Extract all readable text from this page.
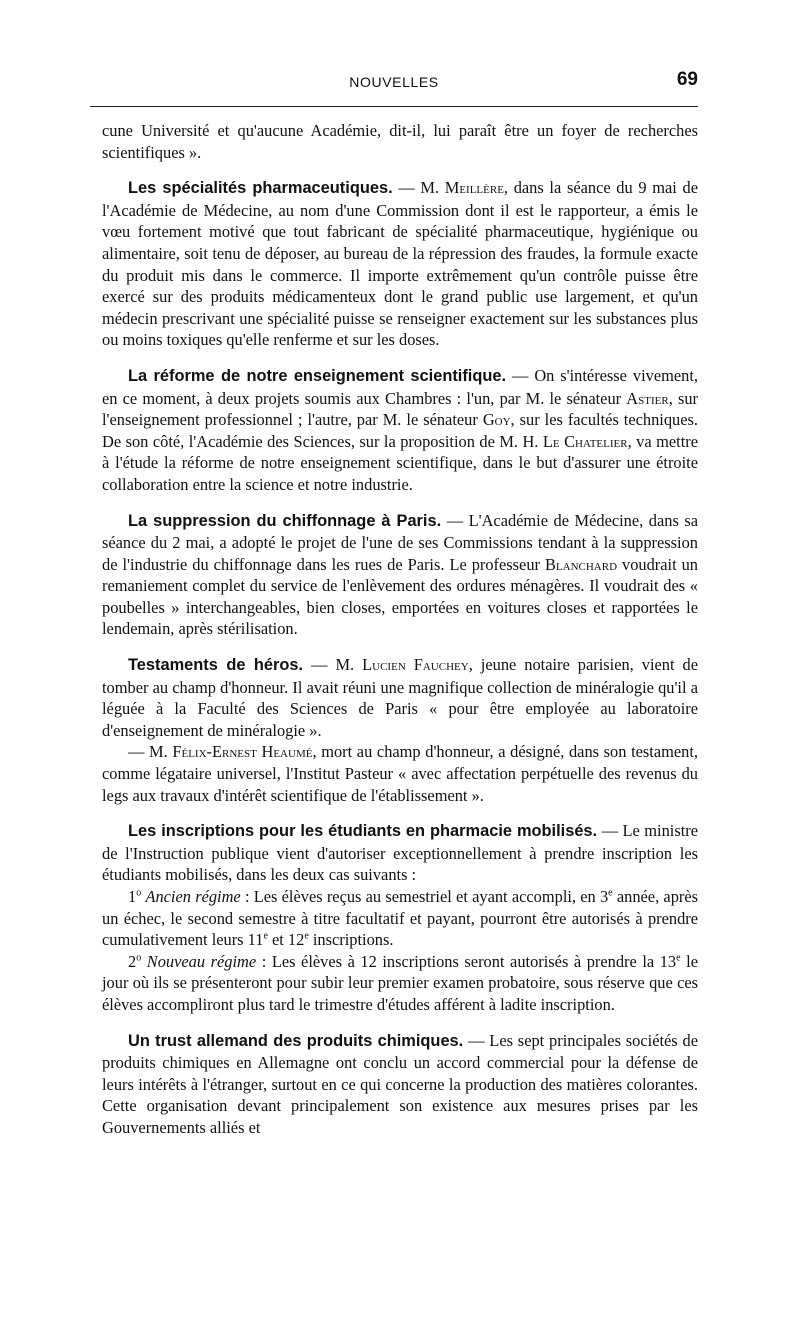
NOUVELLES	69

cune Université et qu'aucune Académie, dit-il, lui paraît être un foyer de recherches scientifiques ».

Les spécialités pharmaceutiques. — M. Meillère, dans la séance du 9 mai de l'Académie de Médecine, au nom d'une Commission dont il est le rapporteur, a émis le vœu fortement motivé que tout fabricant de spécialité pharmaceutique, hygiénique ou alimentaire, soit tenu de déposer, au bureau de la répression des fraudes, la formule exacte du produit mis dans le commerce. Il importe extrêmement qu'un contrôle puisse être exercé sur des produits médicamenteux dont le grand public use largement, et qu'un médecin prescrivant une spécialité puisse se renseigner exactement sur les substances plus ou moins toxiques qu'elle renferme et sur les doses.

La réforme de notre enseignement scientifique. — On s'intéresse vivement, en ce moment, à deux projets soumis aux Chambres : l'un, par M. le sénateur Astier, sur l'enseignement professionnel ; l'autre, par M. le sénateur Goy, sur les facultés techniques. De son côté, l'Académie des Sciences, sur la proposition de M. H. Le Chatelier, va mettre à l'étude la réforme de notre enseignement scientifique, dans le but d'assurer une étroite collaboration entre la science et notre industrie.

La suppression du chiffonnage à Paris. — L'Académie de Médecine, dans sa séance du 2 mai, a adopté le projet de l'une de ses Commissions tendant à la suppression de l'industrie du chiffonnage dans les rues de Paris. Le professeur Blanchard voudrait un remaniement complet du service de l'enlèvement des ordures ménagères. Il voudrait des « poubelles » interchangeables, bien closes, emportées en voitures closes et rapportées le lendemain, après stérilisation.

Testaments de héros. — M. Lucien Fauchey, jeune notaire parisien, vient de tomber au champ d'honneur. Il avait réuni une magnifique collection de minéralogie qu'il a léguée à la Faculté des Sciences de Paris « pour être employée au laboratoire d'enseignement de minéralogie ».

— M. Félix-Ernest Heaumé, mort au champ d'honneur, a désigné, dans son testament, comme légataire universel, l'Institut Pasteur « avec affectation perpétuelle des revenus du legs aux travaux d'intérêt scientifique de l'établissement ».

Les inscriptions pour les étudiants en pharmacie mobilisés. — Le ministre de l'Instruction publique vient d'autoriser exceptionnellement à prendre inscription les étudiants mobilisés, dans les deux cas suivants :

1$^o$ Ancien régime : Les élèves reçus au semestriel et ayant accompli, en 3e année, après un échec, le second semestre à titre facultatif et payant, pourront être autorisés à prendre cumulativement leurs 11e et 12e inscriptions.

2$^o$ Nouveau régime : Les élèves à 12 inscriptions seront autorisés à prendre la 13e le jour où ils se présenteront pour subir leur premier examen probatoire, sous réserve que ces élèves accompliront plus tard le trimestre d'études afférent à ladite inscription.

Un trust allemand des produits chimiques. — Les sept principales sociétés de produits chimiques en Allemagne ont conclu un accord commercial pour la défense de leurs intérêts à l'étranger, surtout en ce qui concerne la production des matières colorantes. Cette organisation devant principalement son existence aux mesures prises par les Gouvernements alliés et
